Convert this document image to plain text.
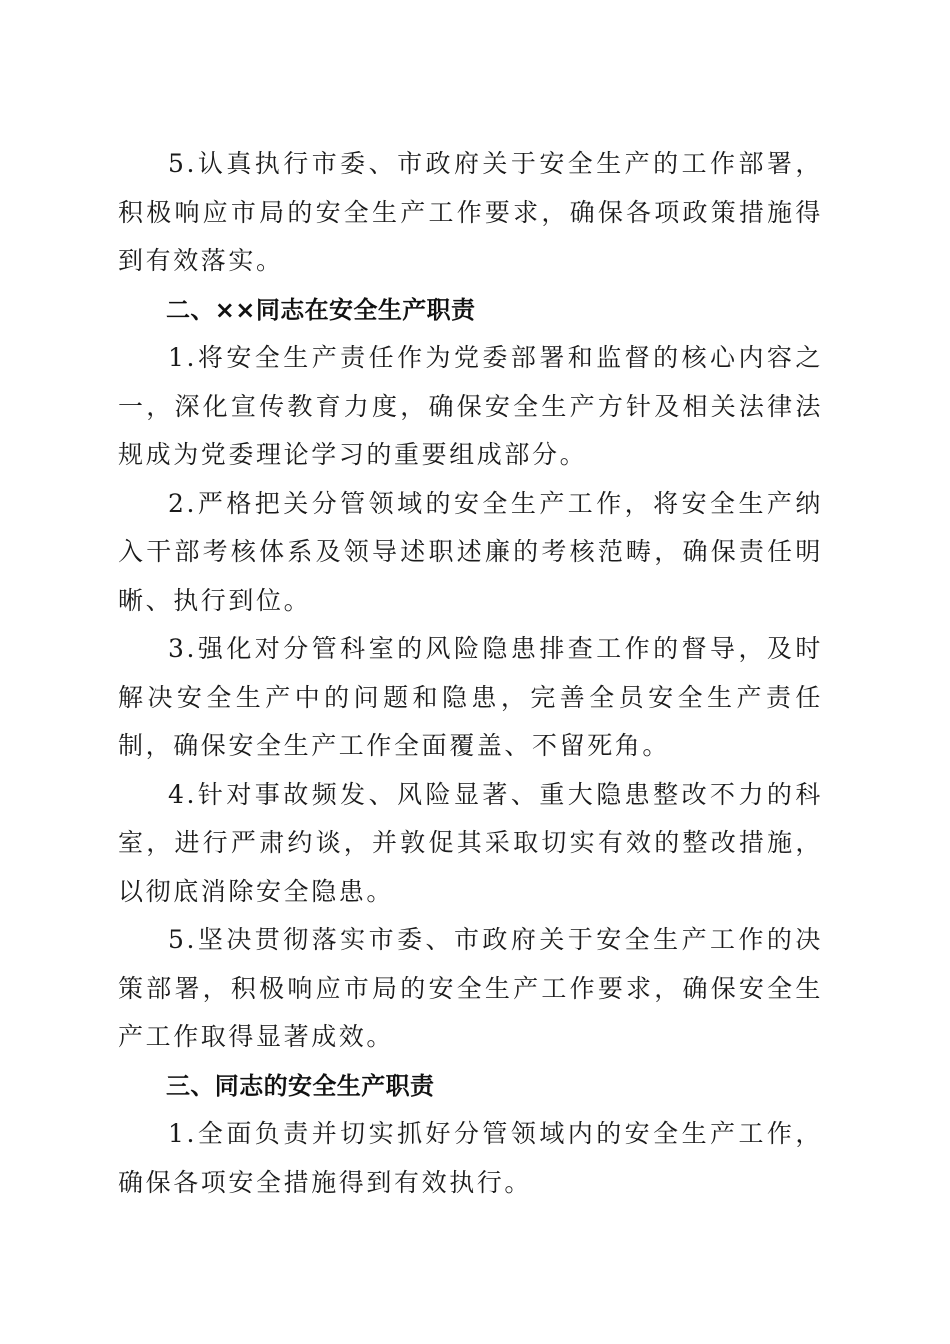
5.认真执行市委、市政府关于安全生产的工作部署，积极响应市局的安全生产工作要求，确保各项政策措施得到有效落实。

二、××同志在安全生产职责

1.将安全生产责任作为党委部署和监督的核心内容之一，深化宣传教育力度，确保安全生产方针及相关法律法规成为党委理论学习的重要组成部分。

2.严格把关分管领域的安全生产工作，将安全生产纳入干部考核体系及领导述职述廉的考核范畴，确保责任明晰、执行到位。

3.强化对分管科室的风险隐患排查工作的督导，及时解决安全生产中的问题和隐患，完善全员安全生产责任制，确保安全生产工作全面覆盖、不留死角。

4.针对事故频发、风险显著、重大隐患整改不力的科室，进行严肃约谈，并敦促其采取切实有效的整改措施，以彻底消除安全隐患。

5.坚决贯彻落实市委、市政府关于安全生产工作的决策部署，积极响应市局的安全生产工作要求，确保安全生产工作取得显著成效。

三、同志的安全生产职责

1.全面负责并切实抓好分管领域内的安全生产工作，确保各项安全措施得到有效执行。
